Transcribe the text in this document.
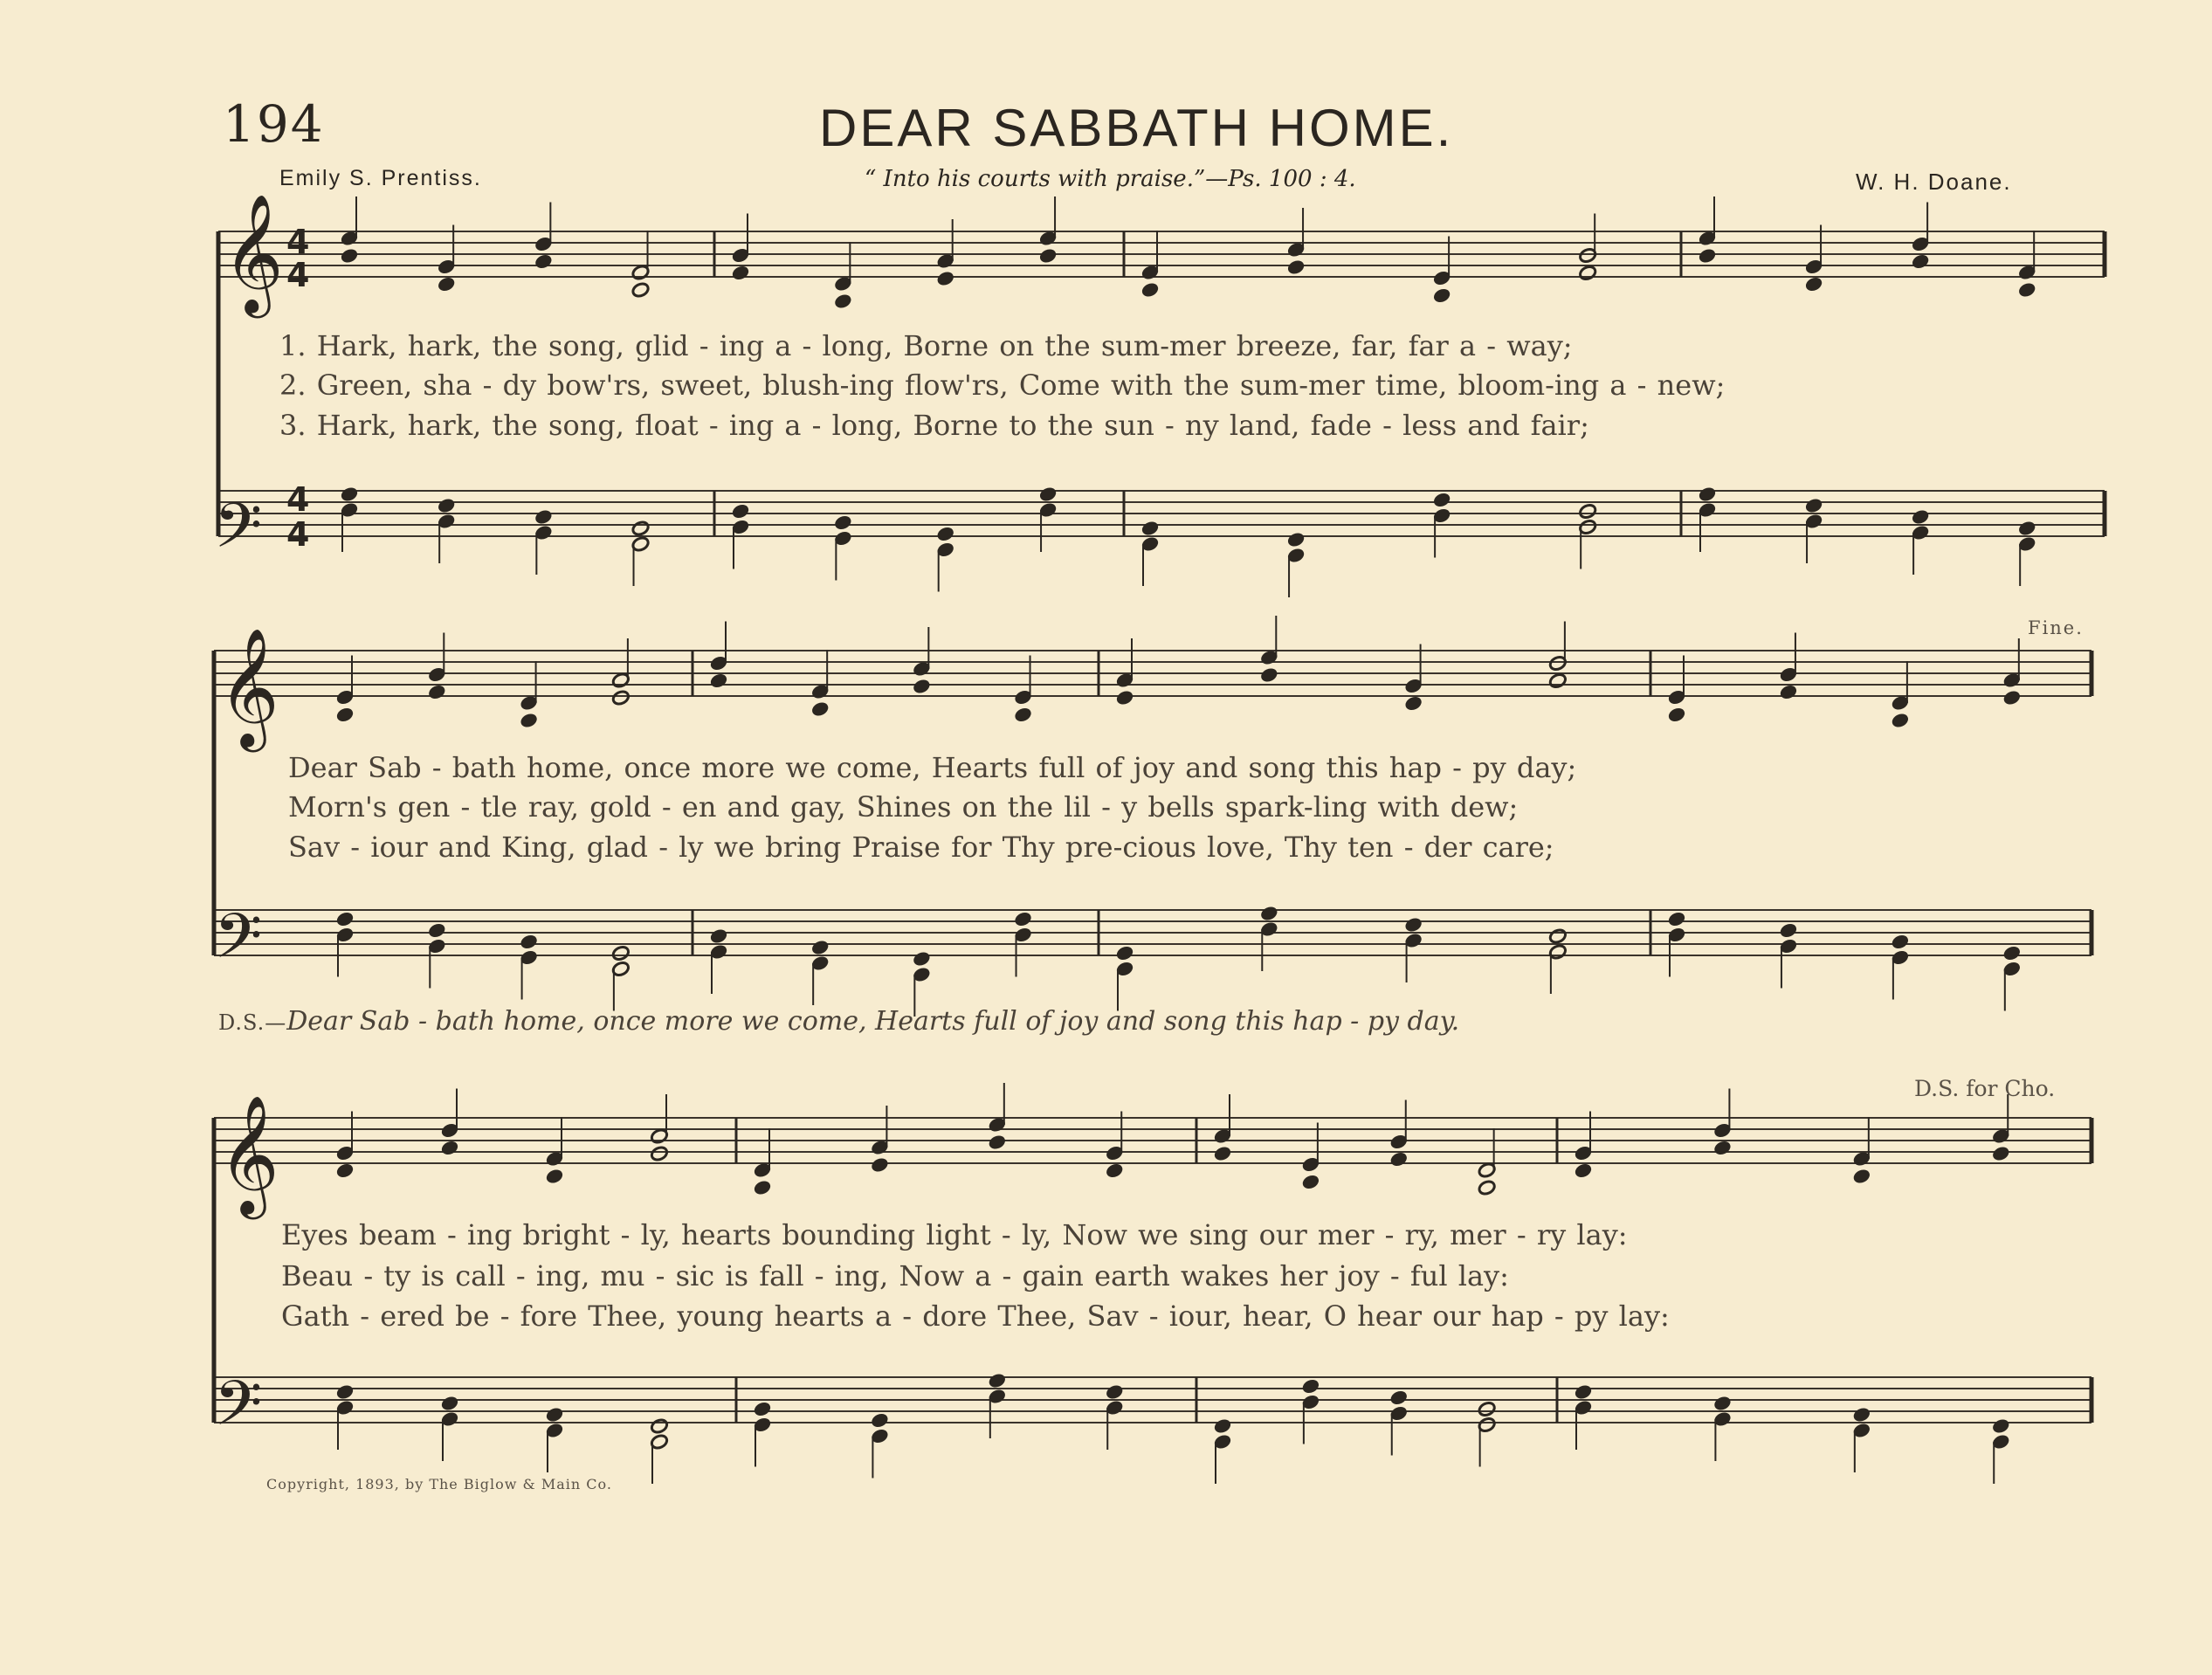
194	DEAR SABBATH HOME.
Emily S. Prentiss.	“ Into his courts with praise.”—Ps. 100 : 4.	W. H. Doane.
𝄞 4
4
𝄢 4
4
𝄞
𝄢
𝄞
𝄢
1. Hark, hark, the song, glid - ing a - long, Borne on the sum-mer breeze, far, far a - way;
2. Green, sha - dy bow'rs, sweet, blush-ing flow'rs, Come with the sum-mer time, bloom-ing a - new;
3. Hark, hark, the song, float - ing a - long, Borne to the sun - ny land, fade - less and fair;
Fine.
Dear Sab - bath home, once more we come, Hearts full of joy and song this hap - py day;
Morn's gen - tle ray, gold - en and gay, Shines on the lil - y bells spark-ling with dew;
Sav - iour and King, glad - ly we bring Praise for Thy pre-cious love, Thy ten - der care;
D.S.—Dear Sab - bath home, once more we come, Hearts full of joy and song this hap - py day.
D.S. for Cho.
Eyes beam - ing bright - ly, hearts bounding light - ly, Now we sing our mer - ry, mer - ry lay:
Beau - ty is call - ing, mu - sic is fall - ing, Now a - gain earth wakes her joy - ful lay:
Gath - ered be - fore Thee, young hearts a - dore Thee, Sav - iour, hear, O hear our hap - py lay:
Copyright, 1893, by The Biglow & Main Co.
